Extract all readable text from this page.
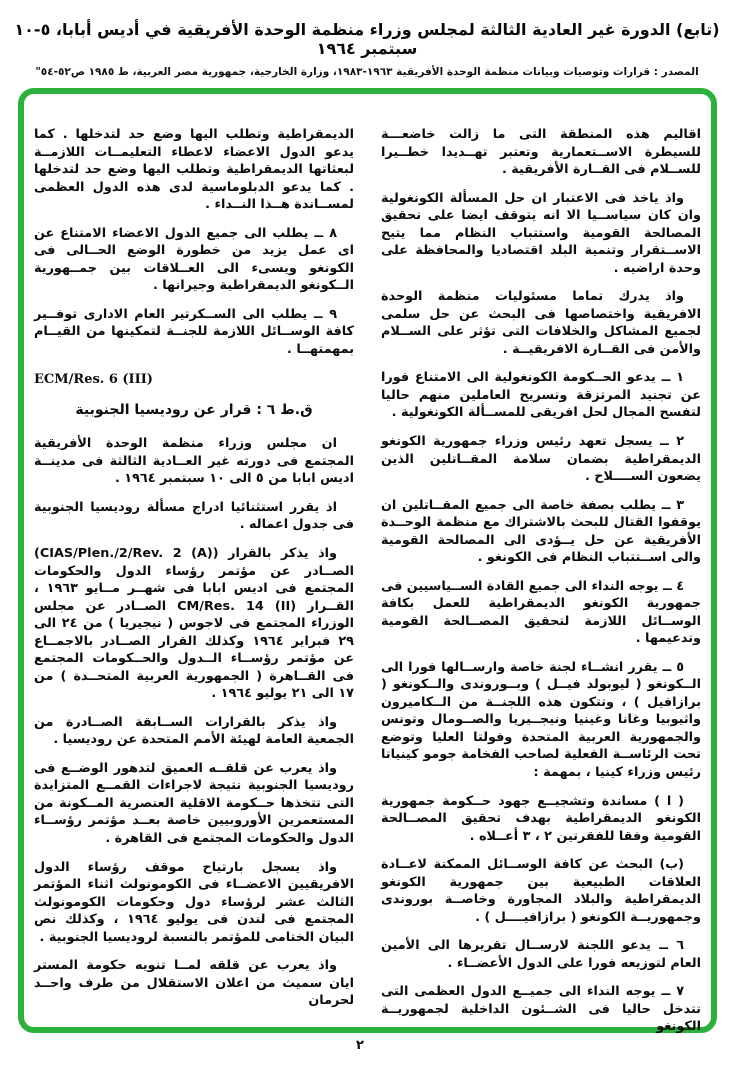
(تابع) الدورة غير العادية الثالثة لمجلس وزراء منظمة الوحدة الأفريقية في أديس أبابا، ٥-١٠ سبتمبر ١٩٦٤
المصدر : قرارات وتوصيات وبيانات منظمة الوحدة الأفريقية ١٩٦٣-١٩٨٣، وزارة الخارجية، جمهورية مصر العربية، ط ١٩٨٥ ص٥٢-٥٤"

اقاليم هذه المنطقة التى ما زالت خاضعـــة للسيطرة الاســتعمارية وتعتبر تهــديدا خطــيرا للســلام فى القــارة الأفريقية .

واذ ياخذ فى الاعتبار ان حل المسألة الكونغولية وان كان سياســيا الا انه يتوقف ايضا على تحقيق المصالحة القومية واستتباب النظام مما يتيح الاســتقرار وتنمية البلد اقتصاديا والمحافظة على وحدة اراضيه .

واذ يدرك تماما مسئوليات منظمة الوحدة الافريقية واختصاصها فى البحث عن حل سلمى لجميع المشاكل والخلافات التى تؤثر على الســلام والأمن فى القــارة الافريقيــة .

١ ــ يدعو الحــكومة الكونغولية الى الامتناع فورا عن تجنيد المرتزقة وتسريح العاملين منهم حاليا لتفسح المجال لحل افريقى للمســألة الكونغولية .

٢ ــ يسجل تعهد رئيس وزراء جمهورية الكونغو الديمقراطية بضمان سلامة المقــاتلين الذين يضعون الســــلاح .

٣ ــ يطلب بصفة خاصة الى جميع المقــاتلين ان يوقفوا القتال للبحث بالاشتراك مع منظمة الوحــدة الأفريقية عن حل يــؤدى الى المصالحة القومية والى اســتتباب النظام فى الكونغو .

٤ ــ يوجه النداء الى جميع القادة الســياسيين فى جمهورية الكونغو الديمقراطية للعمل بكافة الوســائل اللازمة لتحقيق المصــالحة القومية وتدعيمها .

٥ ــ يقرر انشــاء لجنة خاصة وارســالها فورا الى الــكونغو ( ليوبولد فيــل ) وبــوروندى والــكونغو ( برازافيل ) ، وتتكون هذه اللجنــة من الــكاميرون واثيوبيا وغانا وغينيا ونيجــيريا والصــومال وتونس والجمهورية العربية المتحدة وفولتا العليا وتوضع تحت الرئاســة الفعلية لصاحب الفخامة جومو كينياتا رئيس وزراء كينيا ، بمهمة :

( ا ) مساندة وتشجيــع جهود حــكومة جمهورية الكونغو الديمقراطية بهدف تحقيق المصــالحة القومية وفقا للفقرتين ٢ ، ٣ أعــلاه .

(ب) البحث عن كافة الوســائل الممكنة لاعــادة العلاقات الطبيعية بين جمهورية الكونغو الديمقراطية والبلاد المجاورة وخاصــة بوروندى وجمهوريــة الكونغو ( برازافيــــل ) .

٦ ــ يدعو اللجنة لارســال تقريرها الى الأمين العام لتوزيعه فورا على الدول الأعضــاء .

٧ ــ يوجه النداء الى جميــع الدول العظمى التى تتدخل حاليا فى الشــئون الداخلية لجمهوريــة الكونغو

الديمقراطية وتطلب اليها وضع حد لتدخلها . كما يدعو الدول الاعضاء لاعطاء التعليمــات اللازمــة لبعثاتها الديمقراطية وتطلب اليها وضع حد لتدخلها . كما يدعو الدبلوماسية لدى هذه الدول العظمى لمســاندة هــذا النــداء .

٨ ــ يطلب الى جميع الدول الاعضاء الامتناع عن اى عمل يزيد من خطورة الوضع الحــالى فى الكونغو ويسىء الى العــلاقات بين جمــهورية الــكونغو الديمقراطية وجيرانها .

٩ ــ يطلب الى الســكرتير العام الادارى توفــير كافة الوســائل اللازمة للجنــة لتمكينها من القيــام بمهمتهــا .

ECM/Res. 6 (III)

ق.ط ٦ : قرار عن روديسيا الجنوبية

ان مجلس وزراء منظمة الوحدة الأفريقية المجتمع فى دورته غير العــادية الثالثة فى مدينــة اديس ابابا من ٥ الى ١٠ سبتمبر ١٩٦٤ .

اذ يقرر استثنائيا ادراج مسألة روديسيا الجنوبية فى جدول اعماله .

واذ يذكر بالقرار (CIAS/Plen./2/Rev. 2 (A)) الصــادر عن مؤتمر رؤساء الدول والحكومات المجتمع فى اديس ابابا فى شهــر مــايو ١٩٦٣ ، القــرار CM/Res. 14 (II) الصــادر عن مجلس الوزراء المجتمع فى لاجوس ( نيجيريا ) من ٢٤ الى ٢٩ فبراير ١٩٦٤ وكذلك القرار الصــادر بالاجمــاع عن مؤتمر رؤســاء الــدول والحــكومات المجتمع فى القــاهرة ( الجمهورية العربية المتحــدة ) من ١٧ الى ٢١ يوليو ١٩٦٤ .

واذ يذكر بالقرارات الســابقة الصــادرة من الجمعية العامة لهيئة الأمم المتحدة عن روديسيا .

واذ يعرب عن قلقــه العميق لتدهور الوضــع فى روديسيا الجنوبية نتيجة لاجراءات القمــع المتزايدة التى تتخذها حــكومة الاقلية العنصرية المــكونة من المستعمرين الأوروبيين خاصة بعــد مؤتمر رؤســاء الدول والحكومات المجتمع فى القاهرة .

واذ يسجل بارتياح موقف رؤساء الدول الافريقيين الاعضــاء فى الكومونولث اثناء المؤتمر الثالث عشر لرؤساء دول وحكومات الكومونولث المجتمع فى لندن فى يوليو ١٩٦٤ ، وكذلك نص البيان الختامى للمؤتمر بالنسبة لروديسيا الجنوبية .

واذ يعرب عن قلقه لمــا تنويه حكومة المستر ايان سميث من اعلان الاستقلال من طرف واحــد لحرمان

٢
